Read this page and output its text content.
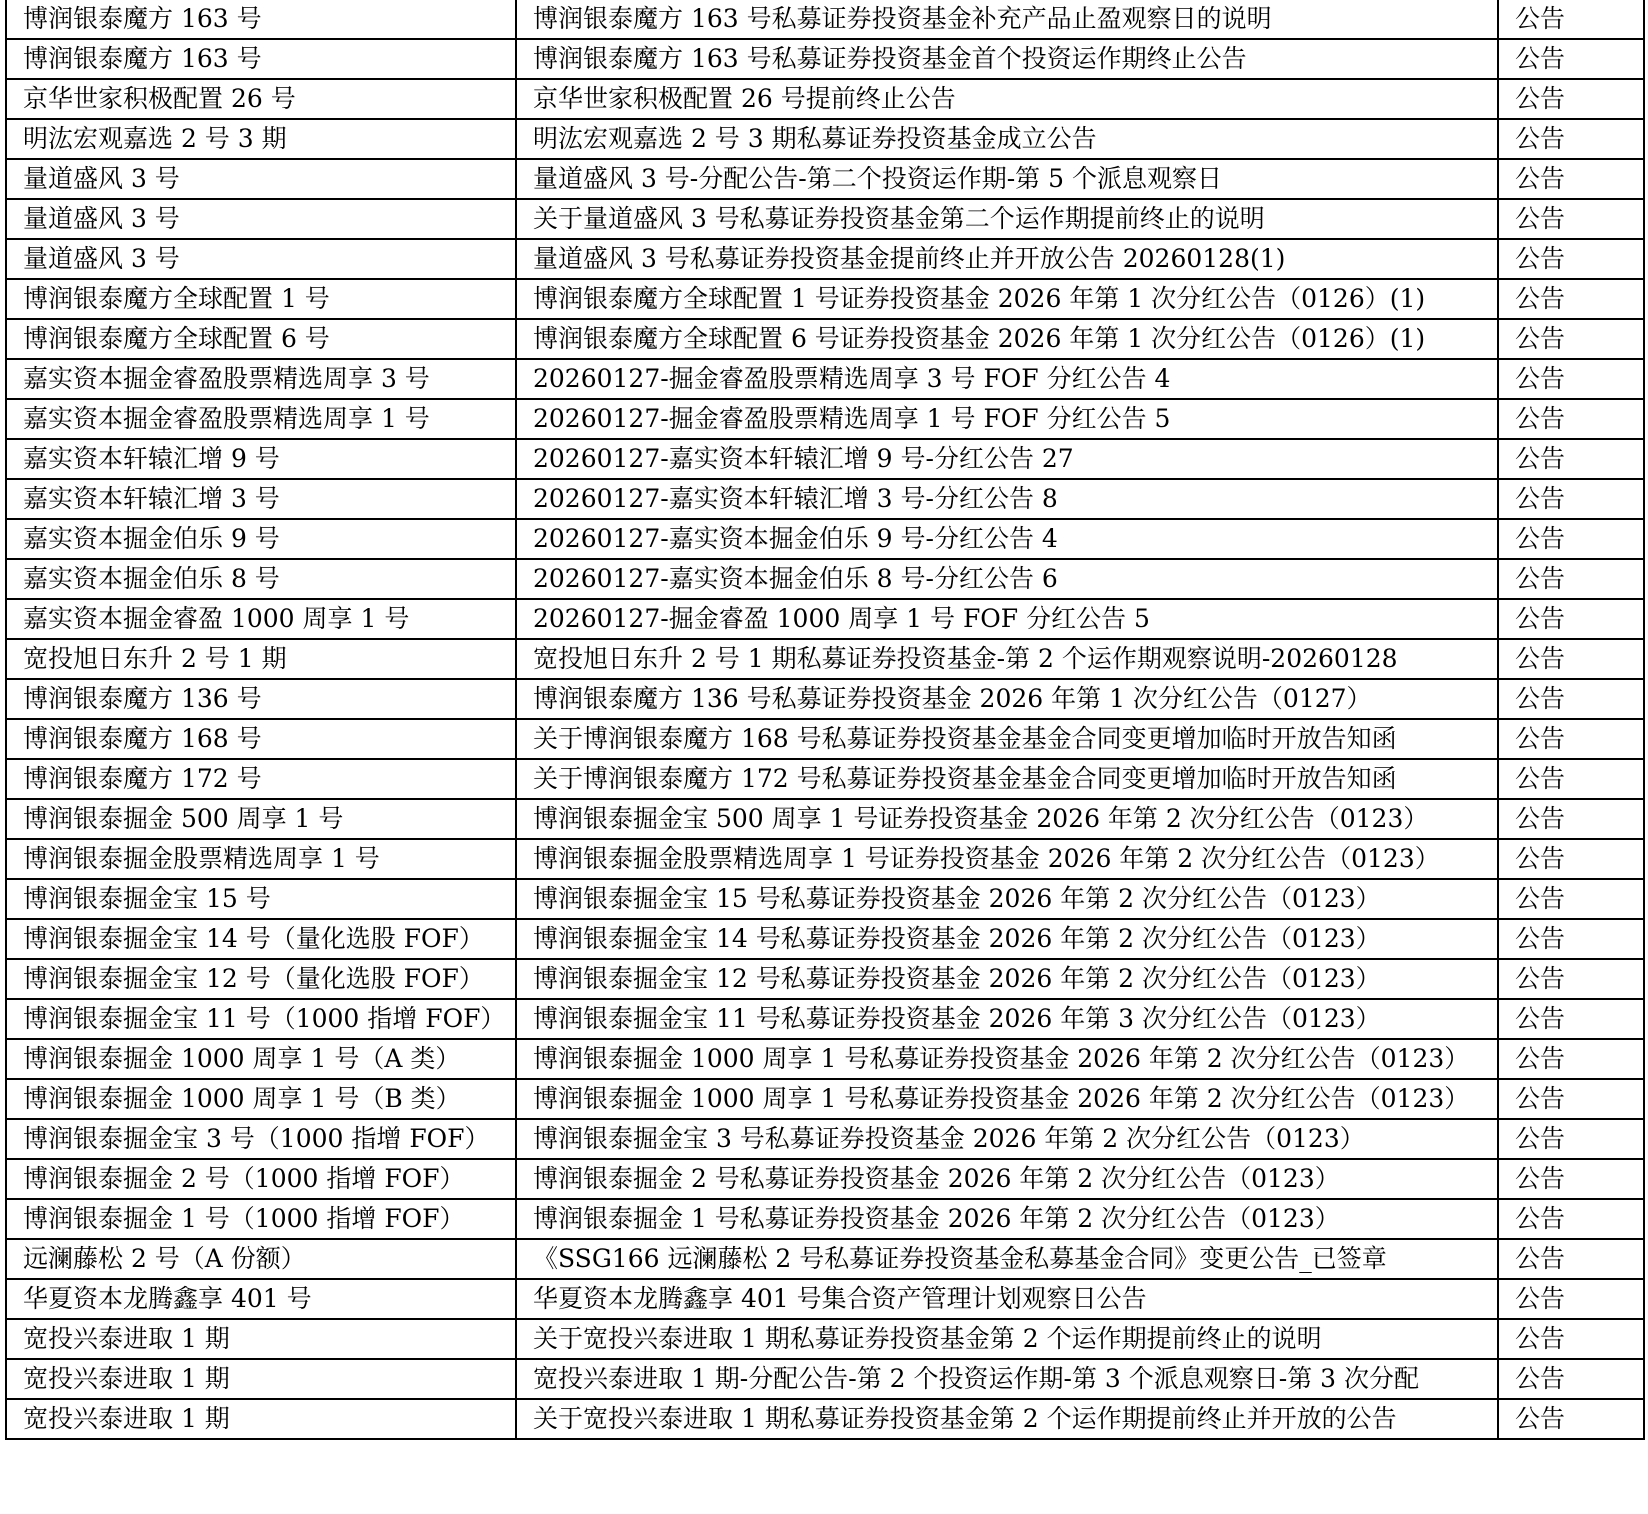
博润银泰魔方 163 号	博润银泰魔方 163 号私募证券投资基金补充产品止盈观察日的说明	公告
博润银泰魔方 163 号	博润银泰魔方 163 号私募证券投资基金首个投资运作期终止公告	公告
京华世家积极配置 26 号	京华世家积极配置 26 号提前终止公告	公告
明汯宏观嘉选 2 号 3 期	明汯宏观嘉选 2 号 3 期私募证券投资基金成立公告	公告
量道盛风 3 号	量道盛风 3 号-分配公告-第二个投资运作期-第 5 个派息观察日	公告
量道盛风 3 号	关于量道盛风 3 号私募证券投资基金第二个运作期提前终止的说明	公告
量道盛风 3 号	量道盛风 3 号私募证券投资基金提前终止并开放公告 20260128(1)	公告
博润银泰魔方全球配置 1 号	博润银泰魔方全球配置 1 号证券投资基金 2026 年第 1 次分红公告（0126）(1)	公告
博润银泰魔方全球配置 6 号	博润银泰魔方全球配置 6 号证券投资基金 2026 年第 1 次分红公告（0126）(1)	公告
嘉实资本掘金睿盈股票精选周享 3 号	20260127-掘金睿盈股票精选周享 3 号 FOF 分红公告 4	公告
嘉实资本掘金睿盈股票精选周享 1 号	20260127-掘金睿盈股票精选周享 1 号 FOF 分红公告 5	公告
嘉实资本轩辕汇增 9 号	20260127-嘉实资本轩辕汇增 9 号-分红公告 27	公告
嘉实资本轩辕汇增 3 号	20260127-嘉实资本轩辕汇增 3 号-分红公告 8	公告
嘉实资本掘金伯乐 9 号	20260127-嘉实资本掘金伯乐 9 号-分红公告 4	公告
嘉实资本掘金伯乐 8 号	20260127-嘉实资本掘金伯乐 8 号-分红公告 6	公告
嘉实资本掘金睿盈 1000 周享 1 号	20260127-掘金睿盈 1000 周享 1 号 FOF 分红公告 5	公告
宽投旭日东升 2 号 1 期	宽投旭日东升 2 号 1 期私募证券投资基金-第 2 个运作期观察说明-20260128	公告
博润银泰魔方 136 号	博润银泰魔方 136 号私募证券投资基金 2026 年第 1 次分红公告（0127）	公告
博润银泰魔方 168 号	关于博润银泰魔方 168 号私募证券投资基金基金合同变更增加临时开放告知函	公告
博润银泰魔方 172 号	关于博润银泰魔方 172 号私募证券投资基金基金合同变更增加临时开放告知函	公告
博润银泰掘金 500 周享 1 号	博润银泰掘金宝 500 周享 1 号证券投资基金 2026 年第 2 次分红公告（0123）	公告
博润银泰掘金股票精选周享 1 号	博润银泰掘金股票精选周享 1 号证券投资基金 2026 年第 2 次分红公告（0123）	公告
博润银泰掘金宝 15 号	博润银泰掘金宝 15 号私募证券投资基金 2026 年第 2 次分红公告（0123）	公告
博润银泰掘金宝 14 号（量化选股 FOF）	博润银泰掘金宝 14 号私募证券投资基金 2026 年第 2 次分红公告（0123）	公告
博润银泰掘金宝 12 号（量化选股 FOF）	博润银泰掘金宝 12 号私募证券投资基金 2026 年第 2 次分红公告（0123）	公告
博润银泰掘金宝 11 号（1000 指增 FOF）	博润银泰掘金宝 11 号私募证券投资基金 2026 年第 3 次分红公告（0123）	公告
博润银泰掘金 1000 周享 1 号（A 类）	博润银泰掘金 1000 周享 1 号私募证券投资基金 2026 年第 2 次分红公告（0123）	公告
博润银泰掘金 1000 周享 1 号（B 类）	博润银泰掘金 1000 周享 1 号私募证券投资基金 2026 年第 2 次分红公告（0123）	公告
博润银泰掘金宝 3 号（1000 指增 FOF）	博润银泰掘金宝 3 号私募证券投资基金 2026 年第 2 次分红公告（0123）	公告
博润银泰掘金 2 号（1000 指增 FOF）	博润银泰掘金 2 号私募证券投资基金 2026 年第 2 次分红公告（0123）	公告
博润银泰掘金 1 号（1000 指增 FOF）	博润银泰掘金 1 号私募证券投资基金 2026 年第 2 次分红公告（0123）	公告
远澜藤松 2 号（A 份额）	《SSG166 远澜藤松 2 号私募证券投资基金私募基金合同》变更公告_已签章	公告
华夏资本龙腾鑫享 401 号	华夏资本龙腾鑫享 401 号集合资产管理计划观察日公告	公告
宽投兴泰进取 1 期	关于宽投兴泰进取 1 期私募证券投资基金第 2 个运作期提前终止的说明	公告
宽投兴泰进取 1 期	宽投兴泰进取 1 期-分配公告-第 2 个投资运作期-第 3 个派息观察日-第 3 次分配	公告
宽投兴泰进取 1 期	关于宽投兴泰进取 1 期私募证券投资基金第 2 个运作期提前终止并开放的公告	公告
